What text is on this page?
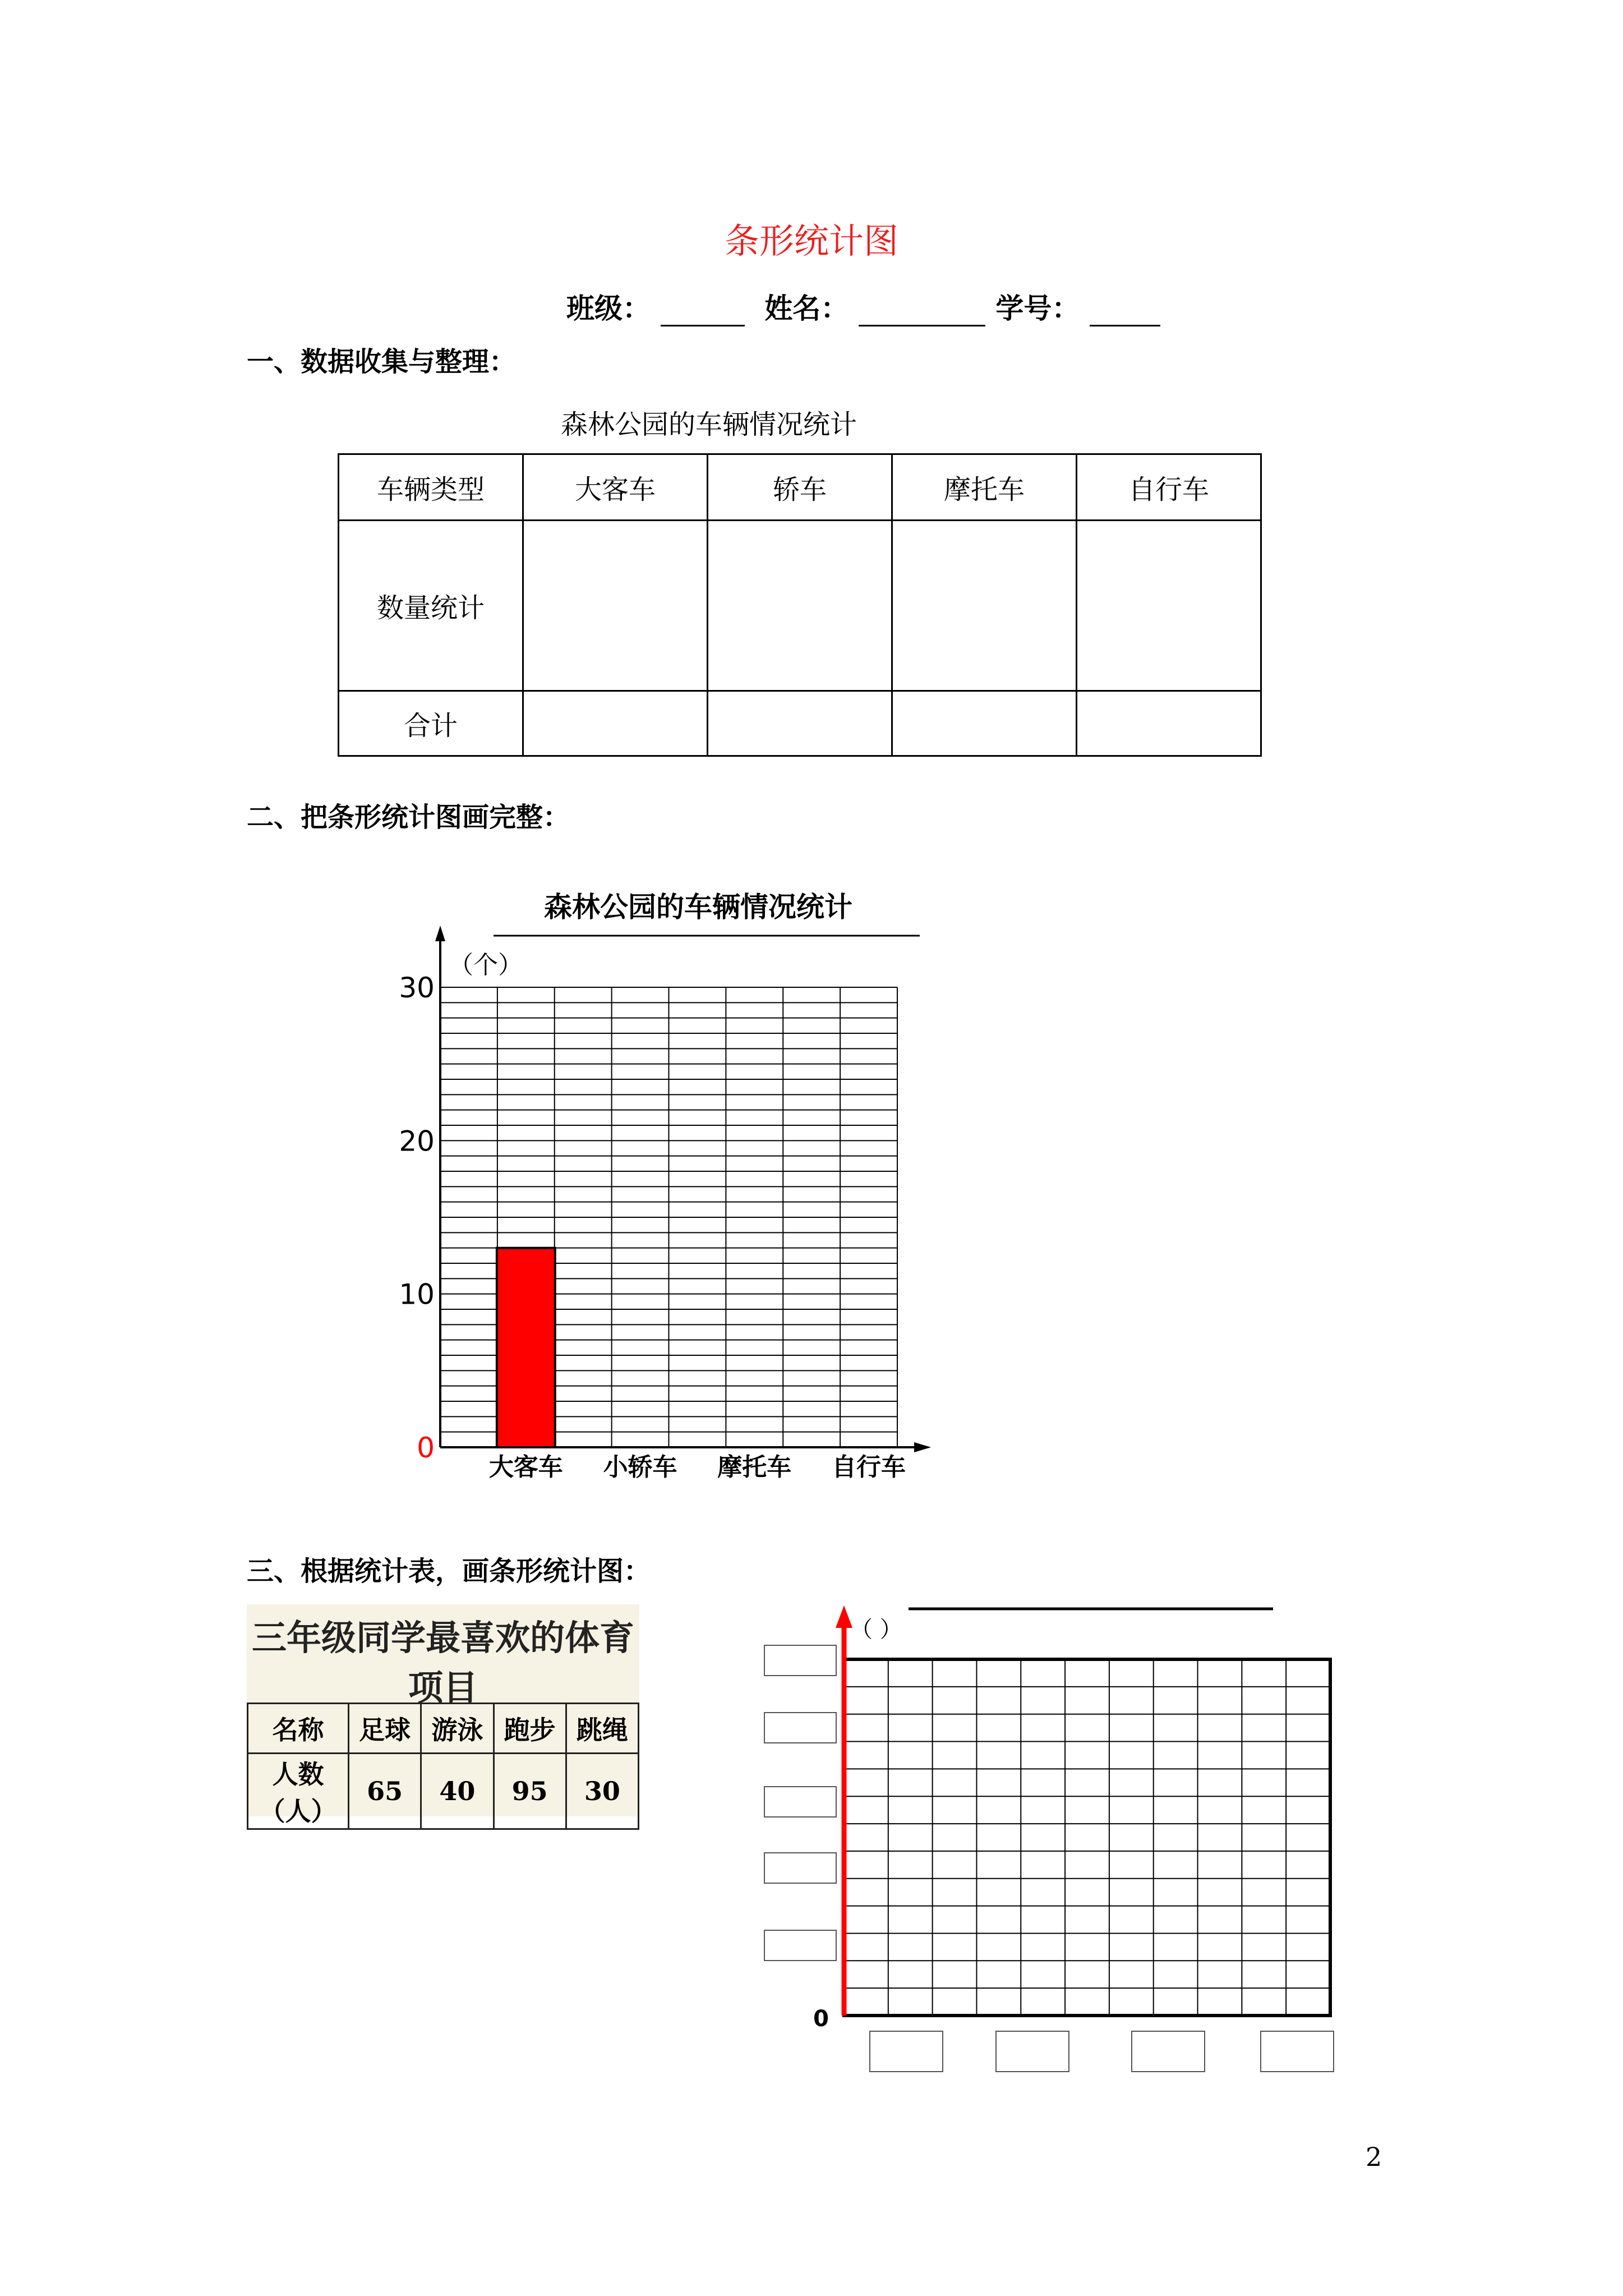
条形统计图
班级：	姓名：	学号：
一、数据收集与整理：
森林公园的车辆情况统计
车辆类型	大客车	轿车	摩托车	自行车
数量统计				
合计				
二、把条形统计图画完整：
森林公园的车辆情况统计
（个）
0
10
20
30
大客车 小轿车 摩托车 自行车
三、根据统计表，画条形统计图：
三年级同学最喜欢的体育项目
名称	足球	游泳	跑步	跳绳
人数（人）	65	40	95	30
（ ）
0
2
